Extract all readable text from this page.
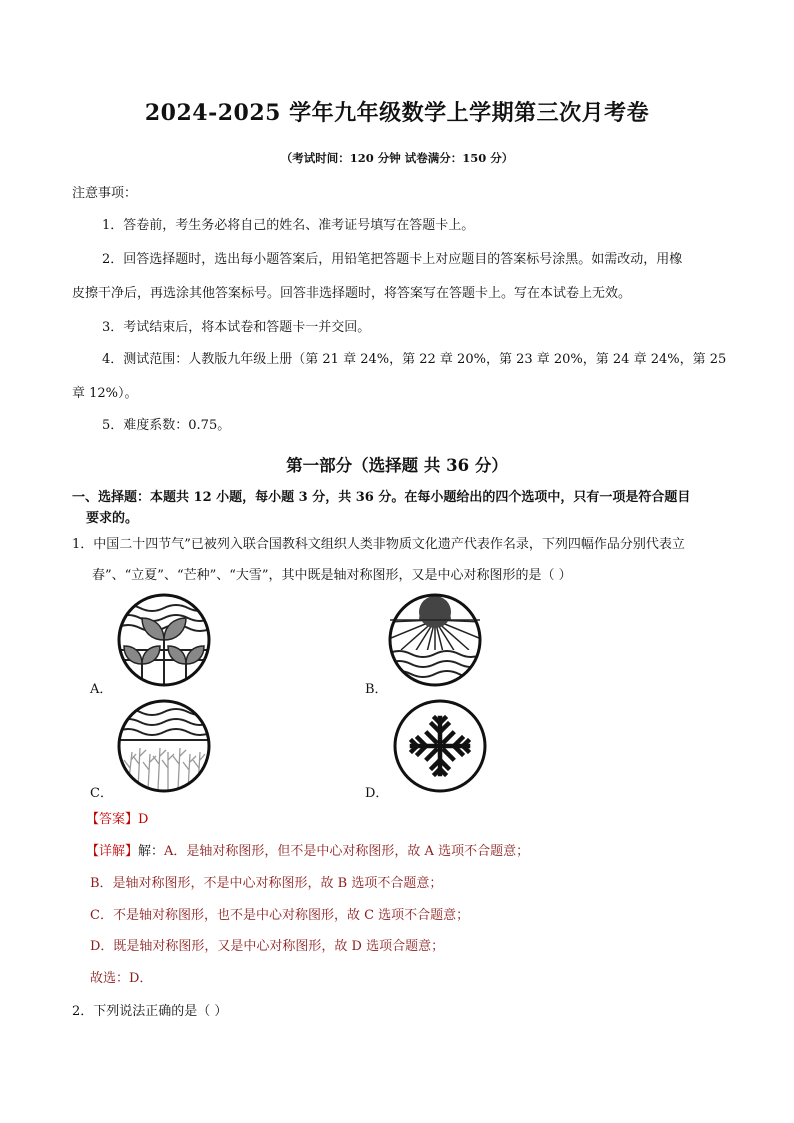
2024-2025 学年九年级数学上学期第三次月考卷
（考试时间：120 分钟 试卷满分：150 分）
注意事项：
1．答卷前，考生务必将自己的姓名、准考证号填写在答题卡上。
2．回答选择题时，选出每小题答案后，用铅笔把答题卡上对应题目的答案标号涂黑。如需改动，用橡
皮擦干净后，再选涂其他答案标号。回答非选择题时，将答案写在答题卡上。写在本试卷上无效。
3．考试结束后，将本试卷和答题卡一并交回。
4．测试范围：人教版九年级上册（第 21 章 24%，第 22 章 20%，第 23 章 20%，第 24 章 24%，第 25
章 12%）。
5．难度系数：0.75。
第一部分（选择题 共 36 分）
一、选择题：本题共 12 小题，每小题 3 分，共 36 分。在每小题给出的四个选项中，只有一项是符合题目
要求的。
1．中国二十四节气”已被列入联合国教科文组织人类非物质文化遗产代表作名录，下列四幅作品分别代表立
春”、“立夏”、“芒种”、“大雪”，其中既是轴对称图形，又是中心对称图形的是（ ）
A．	B．
C．	D．
【答案】D
【详解】解：A．是轴对称图形，但不是中心对称图形，故 A 选项不合题意；
B．是轴对称图形，不是中心对称图形，故 B 选项不合题意；
C．不是轴对称图形，也不是中心对称图形，故 C 选项不合题意；
D．既是轴对称图形，又是中心对称图形，故 D 选项合题意；
故选：D．
2．下列说法正确的是（ ）
